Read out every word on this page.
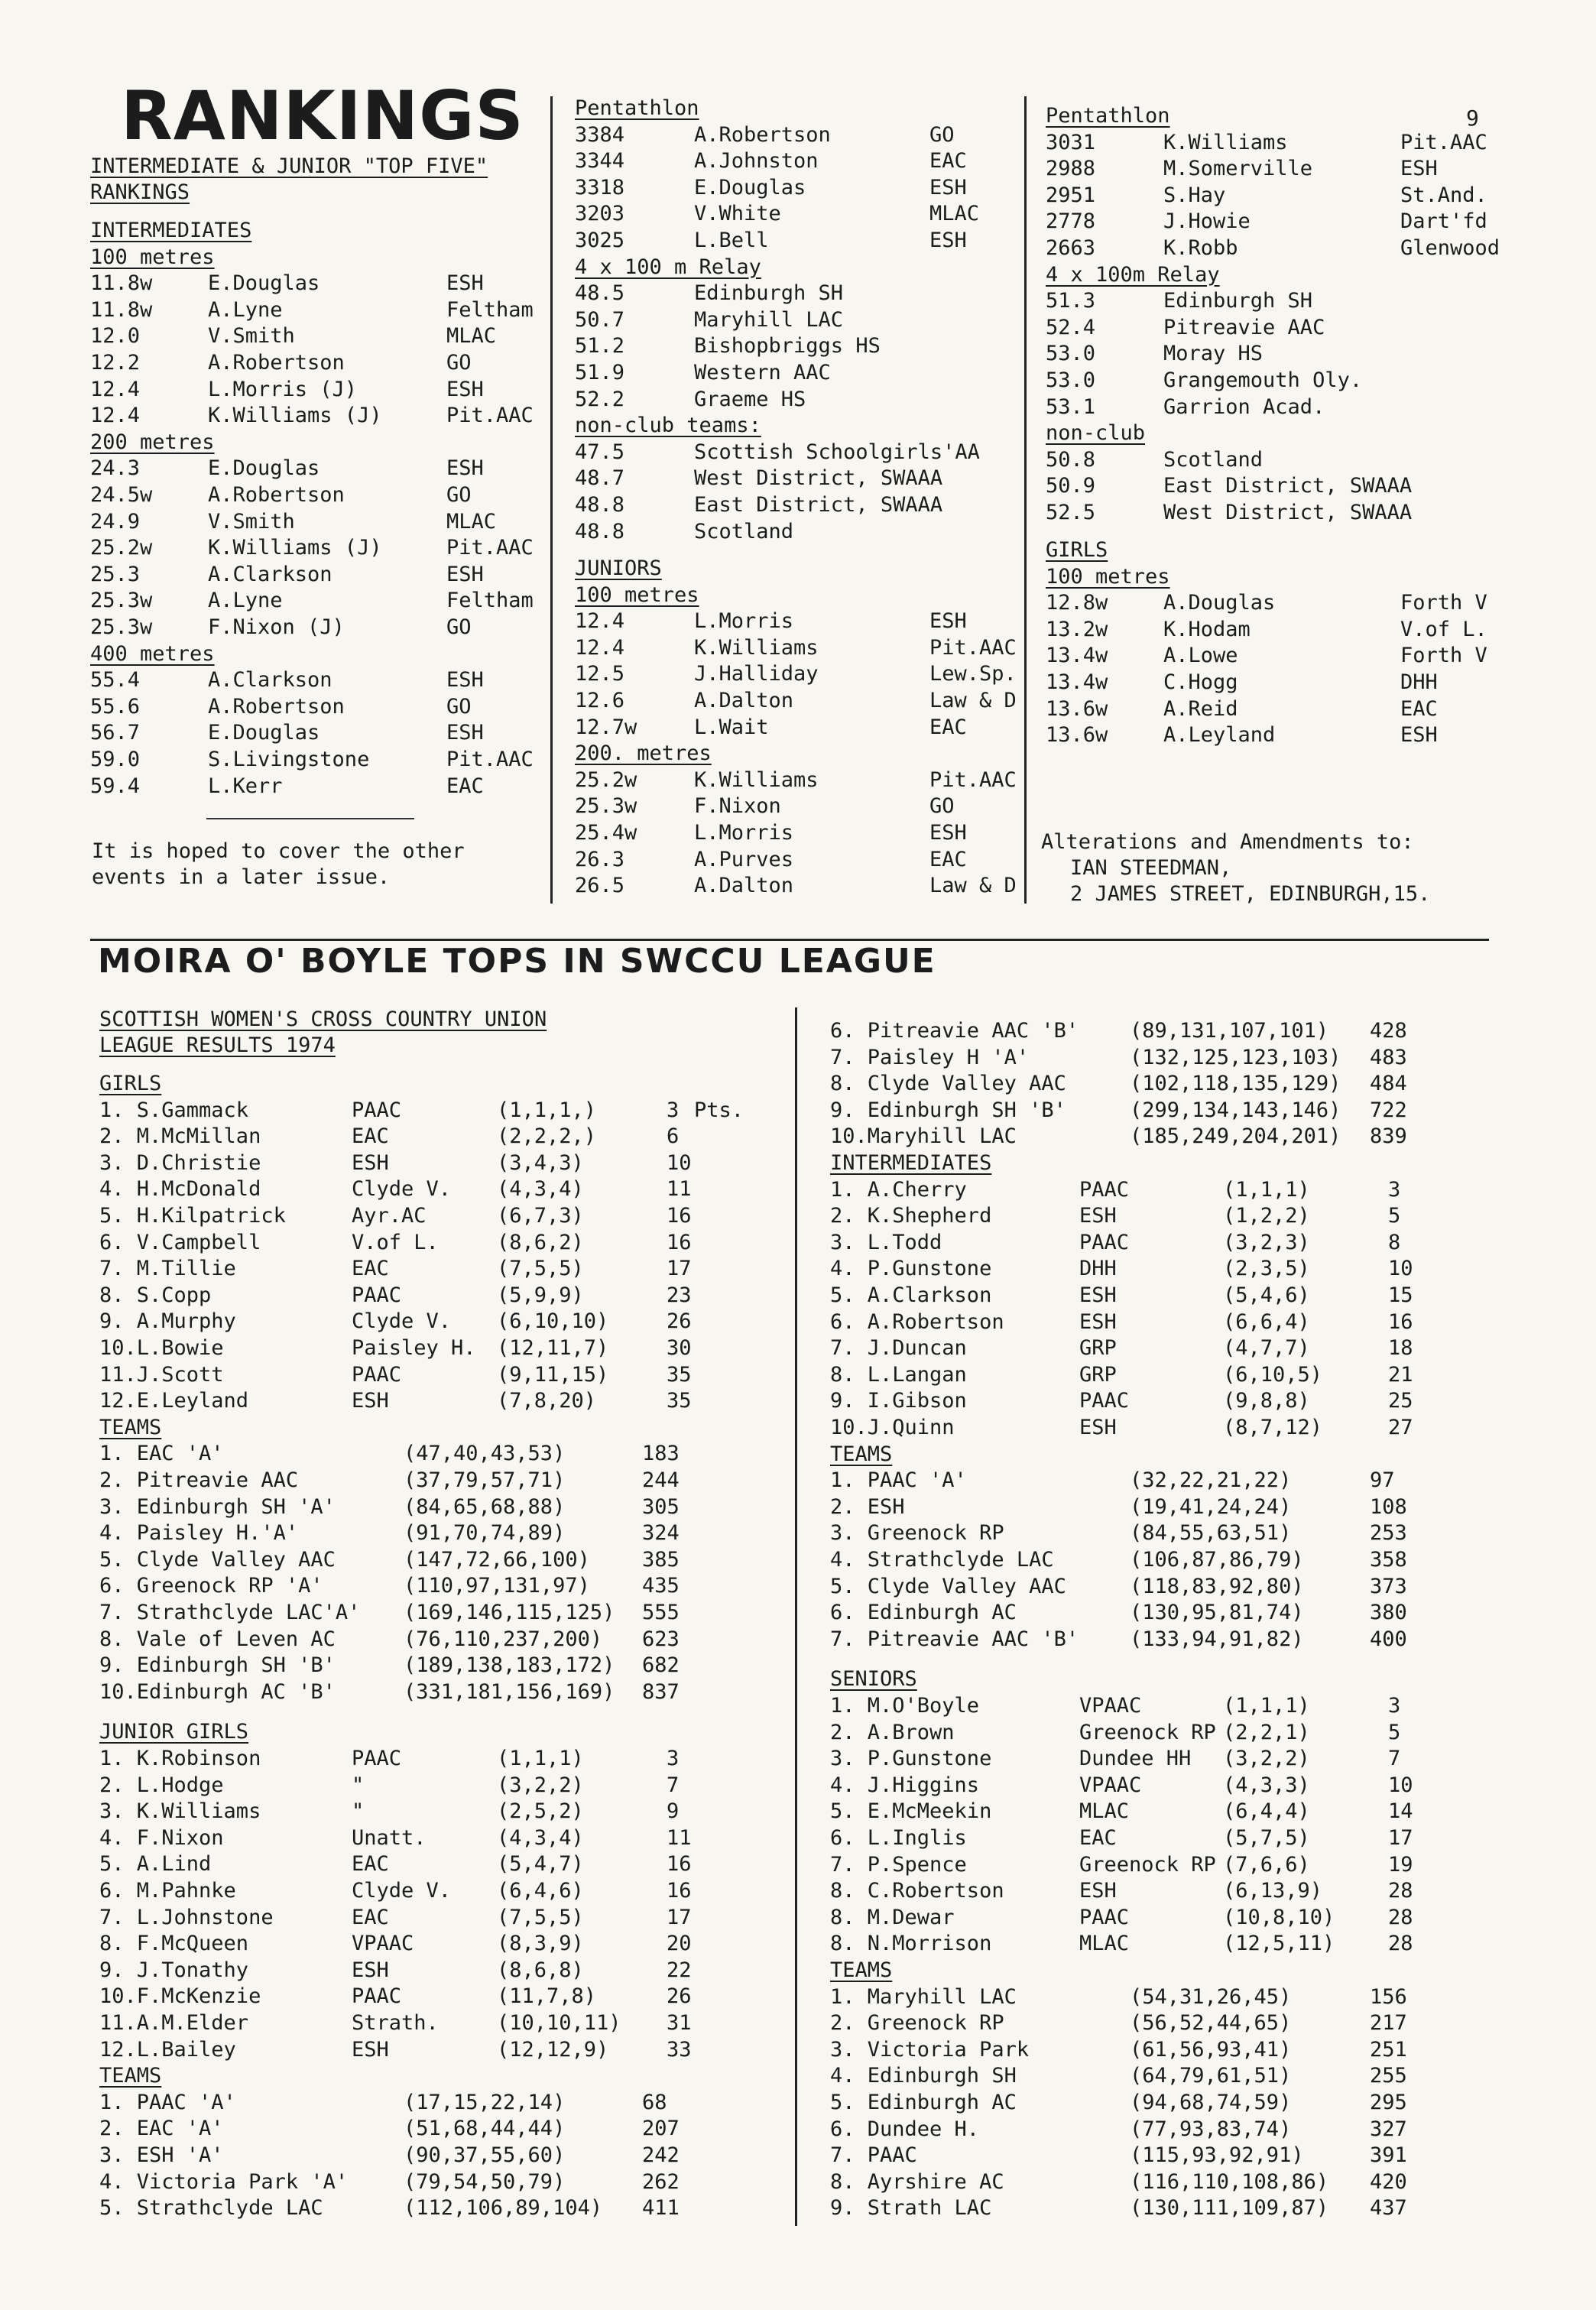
9
RANKINGS
INTERMEDIATE & JUNIOR "TOP FIVE"
RANKINGS
It is hoped to cover the other
events in a later issue.
Alterations and Amendments to:
IAN STEEDMAN,
2 JAMES STREET, EDINBURGH,15.
MOIRA O' BOYLE TOPS IN SWCCU LEAGUE
SCOTTISH WOMEN'S CROSS COUNTRY UNION
LEAGUE RESULTS 1974
INTERMEDIATES
100 metres
11.8w	E.Douglas	ESH
11.8w	A.Lyne	Feltham
12.0	V.Smith	MLAC
12.2	A.Robertson	GO
12.4	L.Morris (J)	ESH
12.4	K.Williams (J)	Pit.AAC
200 metres
24.3	E.Douglas	ESH
24.5w	A.Robertson	GO
24.9	V.Smith	MLAC
25.2w	K.Williams (J)	Pit.AAC
25.3	A.Clarkson	ESH
25.3w	A.Lyne	Feltham
25.3w	F.Nixon (J)	GO
400 metres
55.4	A.Clarkson	ESH
55.6	A.Robertson	GO
56.7	E.Douglas	ESH
59.0	S.Livingstone	Pit.AAC
59.4	L.Kerr	EAC
Pentathlon
3384	A.Robertson	GO
3344	A.Johnston	EAC
3318	E.Douglas	ESH
3203	V.White	MLAC
3025	L.Bell	ESH
4 x 100 m Relay
48.5	Edinburgh SH
50.7	Maryhill LAC
51.2	Bishopbriggs HS
51.9	Western AAC
52.2	Graeme HS
non-club teams:
47.5	Scottish Schoolgirls'AA
48.7	West District, SWAAA
48.8	East District, SWAAA
48.8	Scotland
JUNIORS
100 metres
12.4	L.Morris	ESH
12.4	K.Williams	Pit.AAC
12.5	J.Halliday	Lew.Sp.
12.6	A.Dalton	Law & D
12.7w	L.Wait	EAC
200. metres
25.2w	K.Williams	Pit.AAC
25.3w	F.Nixon	GO
25.4w	L.Morris	ESH
26.3	A.Purves	EAC
26.5	A.Dalton	Law & D
Pentathlon
3031	K.Williams	Pit.AAC
2988	M.Somerville	ESH
2951	S.Hay	St.And.
2778	J.Howie	Dart'fd
2663	K.Robb	Glenwood
4 x 100m Relay
51.3	Edinburgh SH
52.4	Pitreavie AAC
53.0	Moray HS
53.0	Grangemouth Oly.
53.1	Garrion Acad.
non-club
50.8	Scotland
50.9	East District, SWAAA
52.5	West District, SWAAA
GIRLS
100 metres
12.8w	A.Douglas	Forth V
13.2w	K.Hodam	V.of L.
13.4w	A.Lowe	Forth V
13.4w	C.Hogg	DHH
13.6w	A.Reid	EAC
13.6w	A.Leyland	ESH
GIRLS
1. S.Gammack	PAAC	(1,1,1,)	3 Pts.
2. M.McMillan	EAC	(2,2,2,)	6
3. D.Christie	ESH	(3,4,3)	10
4. H.McDonald	Clyde V. (4,3,4)	11
5. H.Kilpatrick	Ayr.AC	(6,7,3)	16
6. V.Campbell	V.of L.	(8,6,2)	16
7. M.Tillie	EAC	(7,5,5)	17
8. S.Copp	PAAC	(5,9,9)	23
9. A.Murphy	Clyde V. (6,10,10)	26
10.L.Bowie	Paisley H. (12,11,7)	30
11.J.Scott	PAAC	(9,11,15)	35
12.E.Leyland	ESH	(7,8,20)	35
TEAMS
1. EAC 'A'	(47,40,43,53)	183
2. Pitreavie AAC	(37,79,57,71)	244
3. Edinburgh SH 'A'	(84,65,68,88)	305
4. Paisley H.'A'	(91,70,74,89)	324
5. Clyde Valley AAC	(147,72,66,100)	385
6. Greenock RP 'A'	(110,97,131,97)	435
7. Strathclyde LAC'A' (169,146,115,125) 555
8. Vale of Leven AC	(76,110,237,200) 623
9. Edinburgh SH 'B'	(189,138,183,172) 682
10.Edinburgh AC 'B'	(331,181,156,169) 837
JUNIOR GIRLS
1. K.Robinson	PAAC	(1,1,1)	3
2. L.Hodge	"	(3,2,2)	7
3. K.Williams	"	(2,5,2)	9
4. F.Nixon	Unatt.	(4,3,4)	11
5. A.Lind	EAC	(5,4,7)	16
6. M.Pahnke	Clyde V. (6,4,6)	16
7. L.Johnstone	EAC	(7,5,5)	17
8. F.McQueen	VPAAC	(8,3,9)	20
9. J.Tonathy	ESH	(8,6,8)	22
10.F.McKenzie	PAAC	(11,7,8)	26
11.A.M.Elder	Strath.	(10,10,11) 31
12.L.Bailey	ESH	(12,12,9)	33
TEAMS
1. PAAC 'A'	(17,15,22,14)	68
2. EAC 'A'	(51,68,44,44)	207
3. ESH 'A'	(90,37,55,60)	242
4. Victoria Park 'A'	(79,54,50,79)	262
5. Strathclyde LAC	(112,106,89,104) 411
6. Pitreavie AAC 'B' (89,131,107,101) 428
7. Paisley H 'A'	(132,125,123,103) 483
8. Clyde Valley AAC	(102,118,135,129) 484
9. Edinburgh SH 'B'	(299,134,143,146) 722
10.Maryhill LAC	(185,249,204,201) 839
INTERMEDIATES
1. A.Cherry	PAAC	(1,1,1)	3
2. K.Shepherd	ESH	(1,2,2)	5
3. L.Todd	PAAC	(3,2,3)	8
4. P.Gunstone	DHH	(2,3,5)	10
5. A.Clarkson	ESH	(5,4,6)	15
6. A.Robertson	ESH	(6,6,4)	16
7. J.Duncan	GRP	(4,7,7)	18
8. L.Langan	GRP	(6,10,5)	21
9. I.Gibson	PAAC	(9,8,8)	25
10.J.Quinn	ESH	(8,7,12)	27
TEAMS
1. PAAC 'A'	(32,22,21,22)	97
2. ESH	(19,41,24,24)	108
3. Greenock RP	(84,55,63,51)	253
4. Strathclyde LAC	(106,87,86,79)	358
5. Clyde Valley AAC	(118,83,92,80)	373
6. Edinburgh AC	(130,95,81,74)	380
7. Pitreavie AAC 'B' (133,94,91,82)	400
SENIORS
1. M.O'Boyle	VPAAC	(1,1,1)	3
2. A.Brown	Greenock RP (2,2,1)	5
3. P.Gunstone	Dundee HH (3,2,2)	7
4. J.Higgins	VPAAC	(4,3,3)	10
5. E.McMeekin	MLAC	(6,4,4)	14
6. L.Inglis	EAC	(5,7,5)	17
7. P.Spence	Greenock RP (7,6,6)	19
8. C.Robertson	ESH	(6,13,9)	28
8. M.Dewar	PAAC	(10,8,10)	28
8. N.Morrison	MLAC	(12,5,11)	28
TEAMS
1. Maryhill LAC	(54,31,26,45)	156
2. Greenock RP	(56,52,44,65)	217
3. Victoria Park	(61,56,93,41)	251
4. Edinburgh SH	(64,79,61,51)	255
5. Edinburgh AC	(94,68,74,59)	295
6. Dundee H.	(77,93,83,74)	327
7. PAAC	(115,93,92,91)	391
8. Ayrshire AC	(116,110,108,86) 420
9. Strath LAC	(130,111,109,87) 437
